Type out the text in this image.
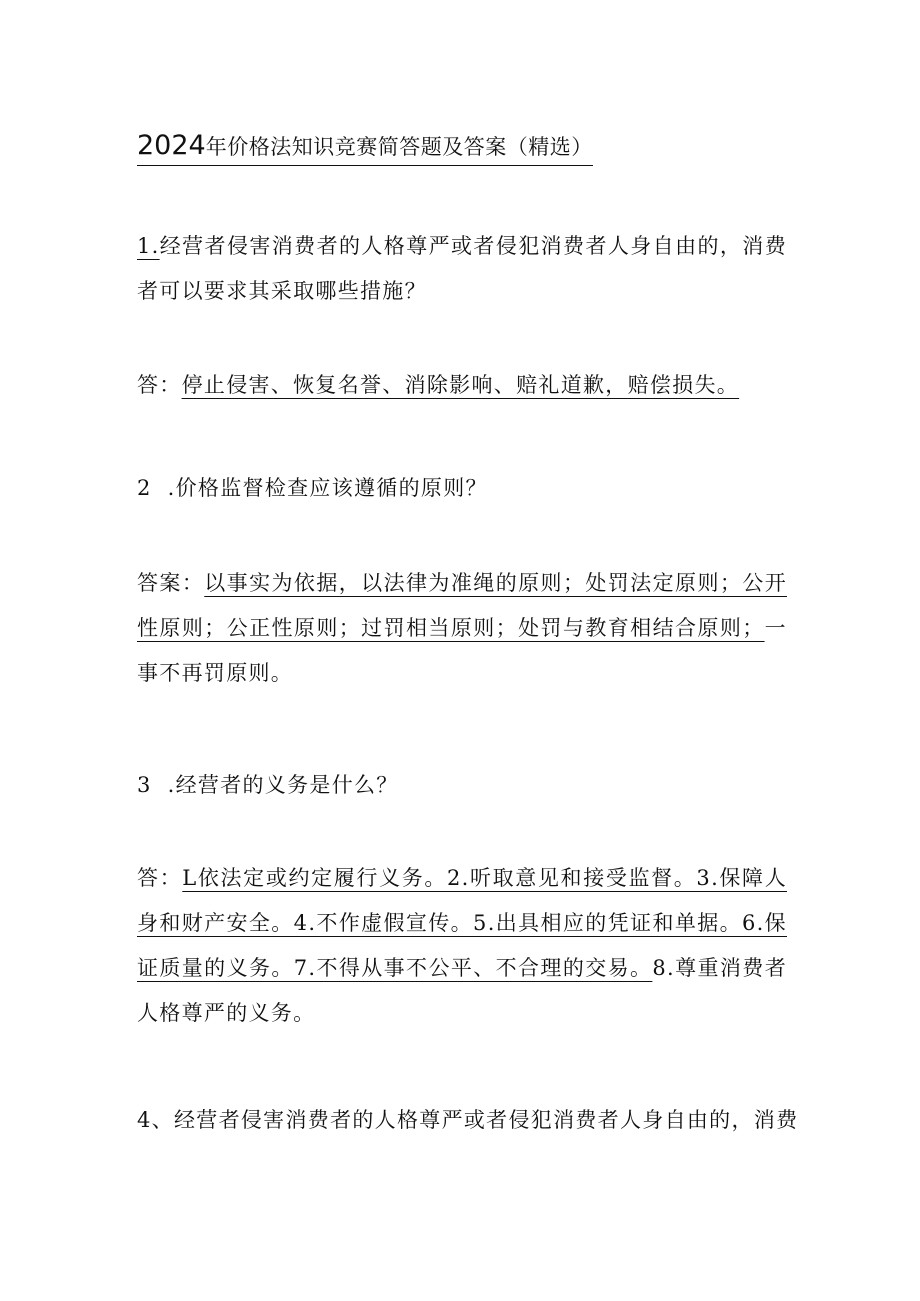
2024年价格法知识竞赛简答题及答案（精选）
1.经营者侵害消费者的人格尊严或者侵犯消费者人身自由的，消费者可以要求其采取哪些措施？
答：停止侵害、恢复名誉、消除影响、赔礼道歉，赔偿损失。
2 .价格监督检查应该遵循的原则？
答案：以事实为依据，以法律为准绳的原则；处罚法定原则；公开性原则；公正性原则；过罚相当原则；处罚与教育相结合原则；一事不再罚原则。
3 .经营者的义务是什么？
答：L依法定或约定履行义务。2.听取意见和接受监督。3.保障人身和财产安全。4.不作虚假宣传。5.出具相应的凭证和单据。6.保证质量的义务。7.不得从事不公平、不合理的交易。8.尊重消费者人格尊严的义务。
4、经营者侵害消费者的人格尊严或者侵犯消费者人身自由的，消费
